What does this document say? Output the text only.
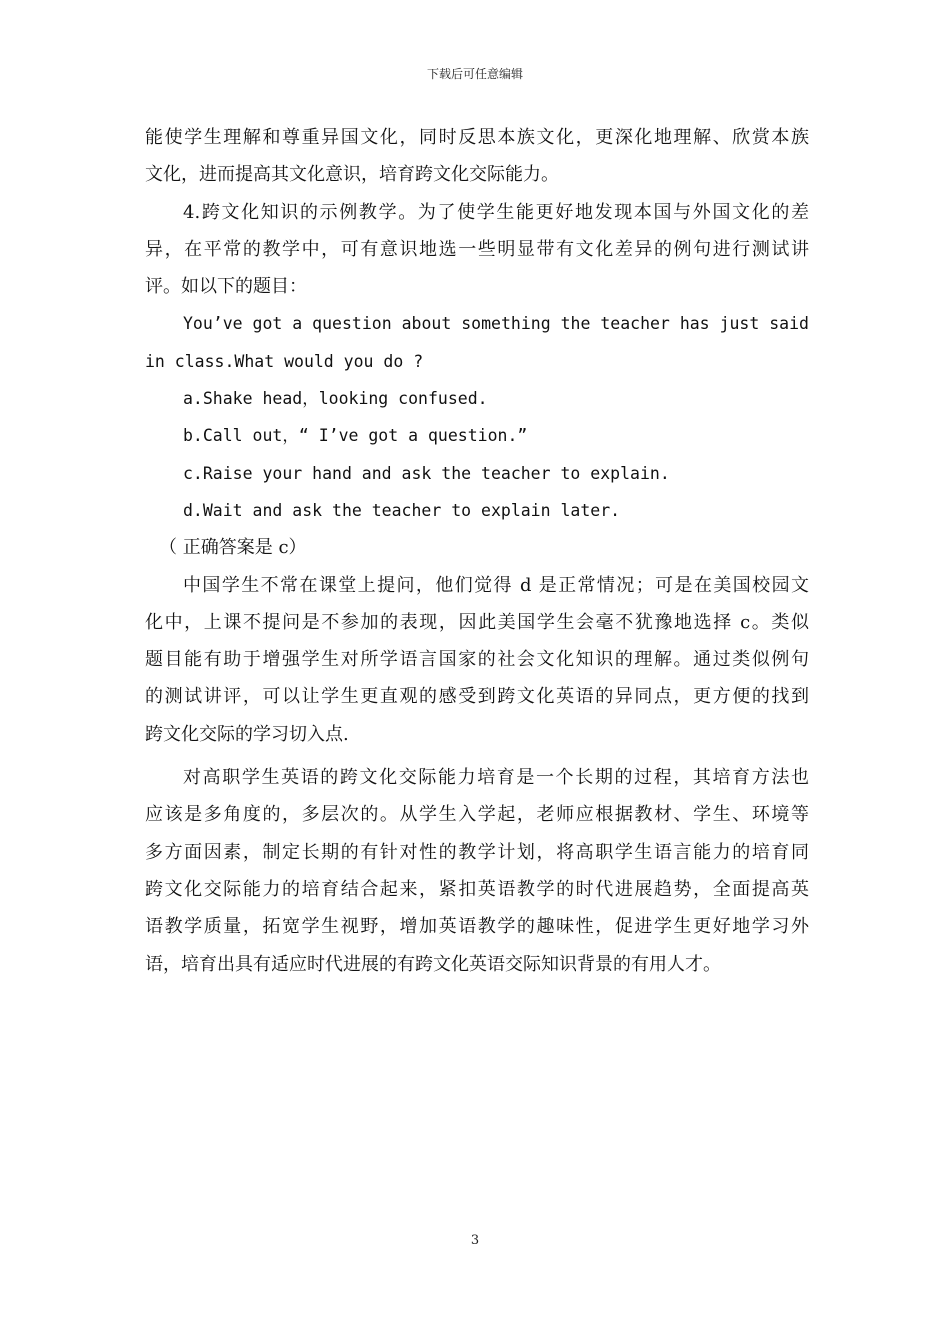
下载后可任意编辑
能使学生理解和尊重异国文化，同时反思本族文化，更深化地理解、欣赏本族
文化，进而提高其文化意识，培育跨文化交际能力。
4.跨文化知识的示例教学。为了使学生能更好地发现本国与外国文化的差
异，在平常的教学中，可有意识地选一些明显带有文化差异的例句进行测试讲
评。如以下的题目：
You’ve got a question about something the teacher has just said
in class.What would you do ?
a.Shake head，looking confused.
b.Call out，“ I’ve got a question.”
c.Raise your hand and ask the teacher to explain.
d.Wait and ask the teacher to explain later.
（ 正确答案是 c）
中国学生不常在课堂上提问，他们觉得 d 是正常情况；可是在美国校园文
化中，上课不提问是不参加的表现，因此美国学生会毫不犹豫地选择 c。类似
题目能有助于增强学生对所学语言国家的社会文化知识的理解。通过类似例句
的测试讲评，可以让学生更直观的感受到跨文化英语的异同点，更方便的找到
跨文化交际的学习切入点.
对高职学生英语的跨文化交际能力培育是一个长期的过程，其培育方法也
应该是多角度的，多层次的。从学生入学起，老师应根据教材、学生、环境等
多方面因素，制定长期的有针对性的教学计划，将高职学生语言能力的培育同
跨文化交际能力的培育结合起来，紧扣英语教学的时代进展趋势，全面提高英
语教学质量，拓宽学生视野，增加英语教学的趣味性，促进学生更好地学习外
语，培育出具有适应时代进展的有跨文化英语交际知识背景的有用人才。
3
